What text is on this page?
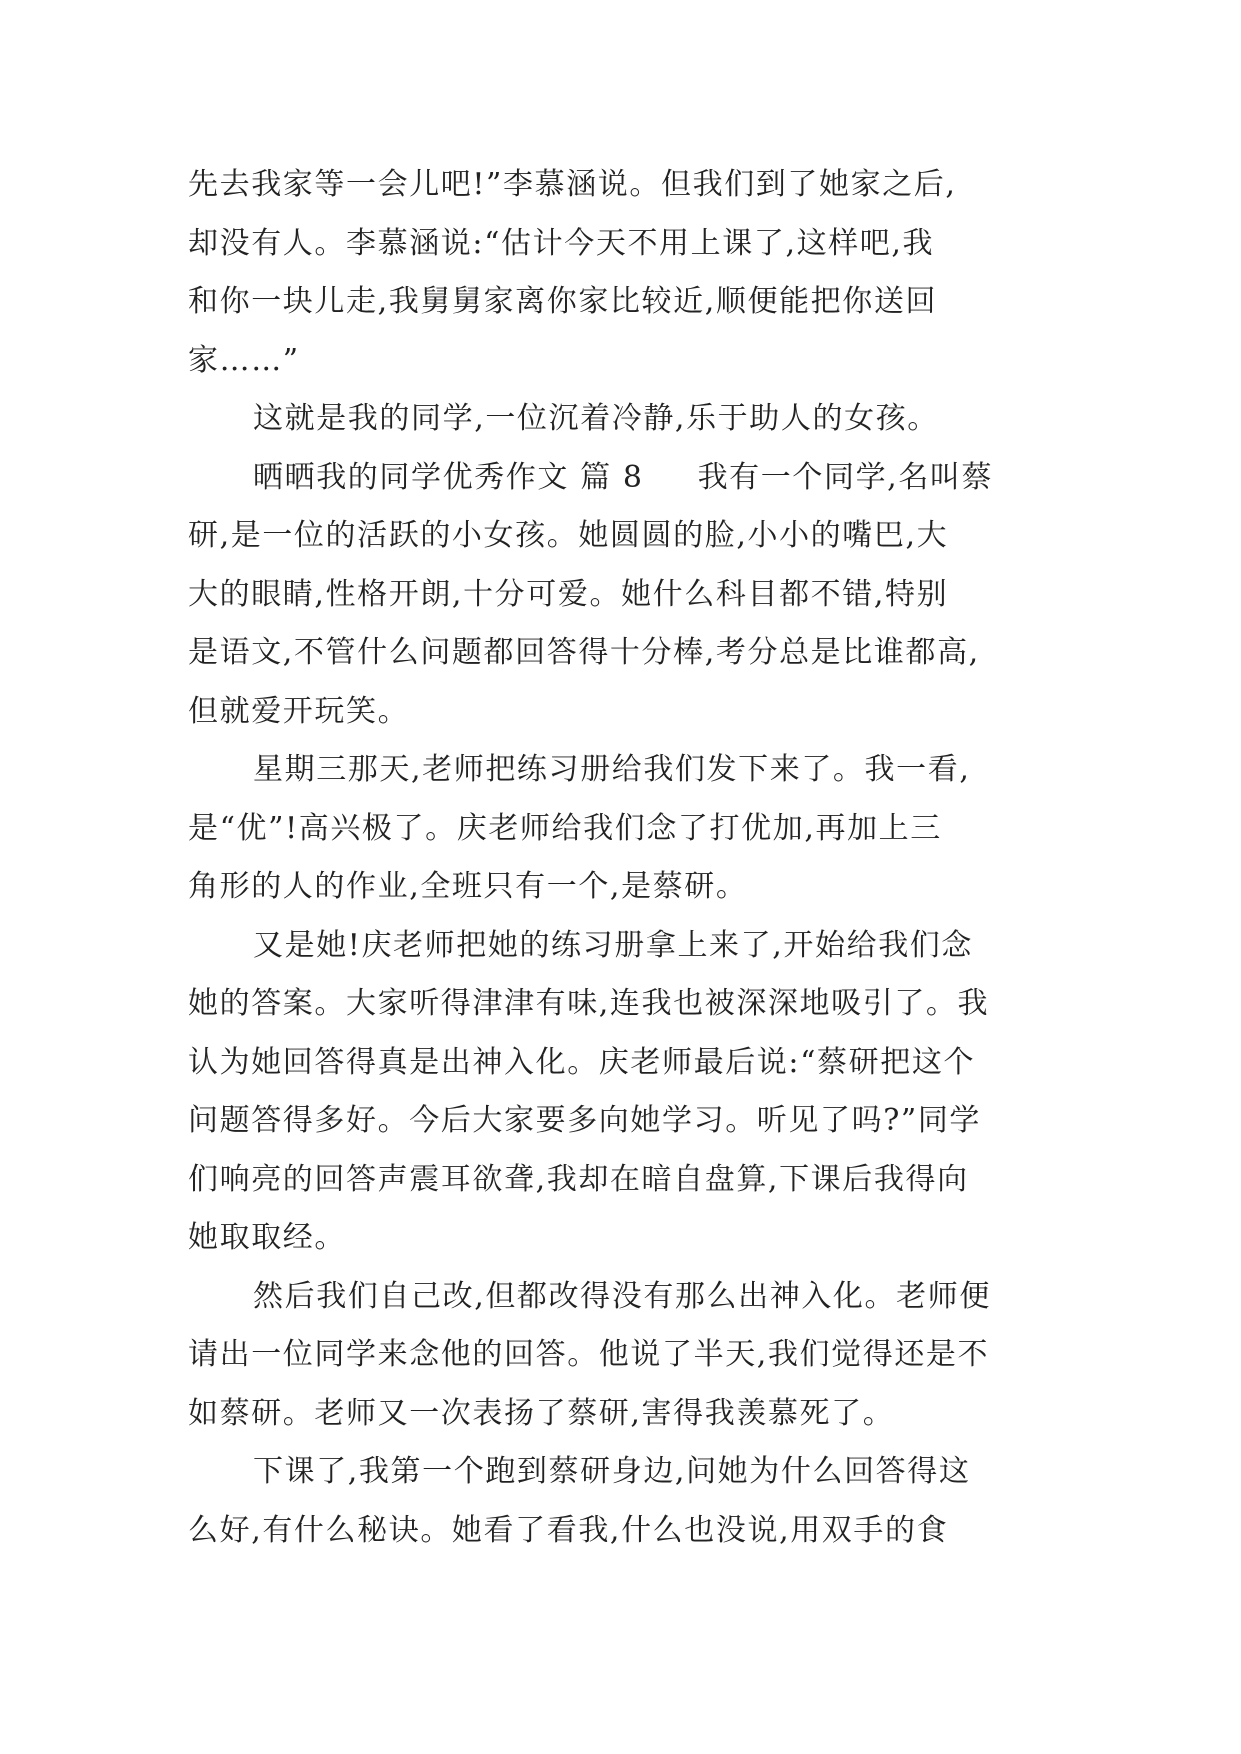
先去我家等一会儿吧!”李慕涵说。但我们到了她家之后,
却没有人。李慕涵说:“估计今天不用上课了,这样吧,我
和你一块儿走,我舅舅家离你家比较近,顺便能把你送回
家……”
这就是我的同学,一位沉着冷静,乐于助人的女孩。
晒晒我的同学优秀作文 篇 8 我有一个同学,名叫蔡
研,是一位的活跃的小女孩。她圆圆的脸,小小的嘴巴,大
大的眼睛,性格开朗,十分可爱。她什么科目都不错,特别
是语文,不管什么问题都回答得十分棒,考分总是比谁都高,
但就爱开玩笑。
星期三那天,老师把练习册给我们发下来了。我一看,
是“优”!高兴极了。庆老师给我们念了打优加,再加上三
角形的人的作业,全班只有一个,是蔡研。
又是她!庆老师把她的练习册拿上来了,开始给我们念
她的答案。大家听得津津有味,连我也被深深地吸引了。我
认为她回答得真是出神入化。庆老师最后说:“蔡研把这个
问题答得多好。今后大家要多向她学习。听见了吗?”同学
们响亮的回答声震耳欲聋,我却在暗自盘算,下课后我得向
她取取经。
然后我们自己改,但都改得没有那么出神入化。老师便
请出一位同学来念他的回答。他说了半天,我们觉得还是不
如蔡研。老师又一次表扬了蔡研,害得我羡慕死了。
下课了,我第一个跑到蔡研身边,问她为什么回答得这
么好,有什么秘诀。她看了看我,什么也没说,用双手的食
